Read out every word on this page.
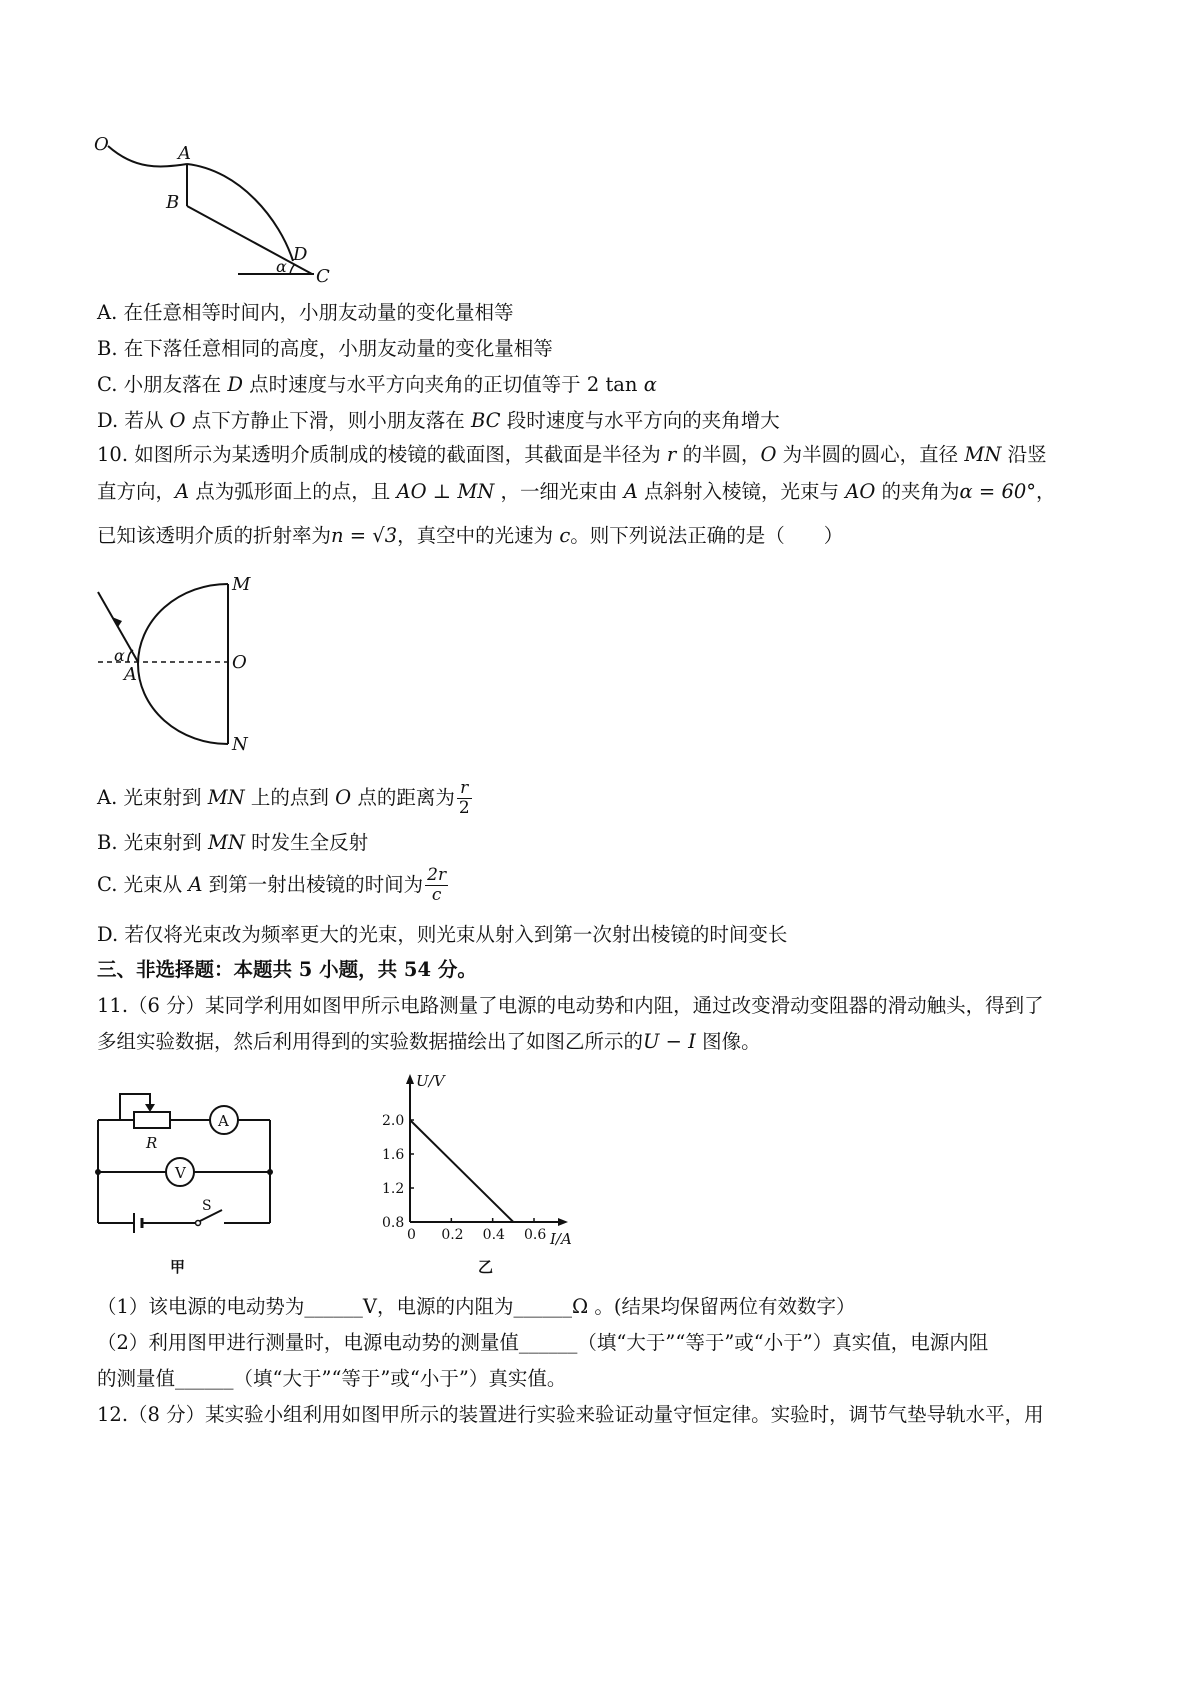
O	A
B
D
α C
A. 在任意相等时间内，小朋友动量的变化量相等
B. 在下落任意相同的高度，小朋友动量的变化量相等
C. 小朋友落在 D 点时速度与水平方向夹角的正切值等于 2 tan α
D. 若从 O 点下方静止下滑，则小朋友落在 BC 段时速度与水平方向的夹角增大
10. 如图所示为某透明介质制成的棱镜的截面图，其截面是半径为 r 的半圆，O 为半圆的圆心，直径 MN 沿竖
直方向，A 点为弧形面上的点，且 AO ⊥ MN ，一细光束由 A 点斜射入棱镜，光束与 AO 的夹角为α = 60°，
已知该透明介质的折射率为n = √3，真空中的光速为 c。则下列说法正确的是（　　）
M
O
N
α
A
A. 光束射到 MN 上的点到 O 点的距离为 $\frac{r}{2}$
B. 光束射到 MN 时发生全反射
C. 光束从 A 到第一射出棱镜的时间为 $\frac{2r}{c}$
D. 若仅将光束改为频率更大的光束，则光束从射入到第一次射出棱镜的时间变长
三、非选择题：本题共 5 小题，共 54 分。
11.（6 分）某同学利用如图甲所示电路测量了电源的电动势和内阻，通过改变滑动变阻器的滑动触头，得到了
多组实验数据，然后利用得到的实验数据描绘出了如图乙所示的U − I 图像。
R
A
V
S
甲
U/V
I/A
0 0.2 0.4 0.6
0.8
1.2
1.6
2.0
乙
（1）该电源的电动势为______V，电源的内阻为______Ω 。(结果均保留两位有效数字）
（2）利用图甲进行测量时，电源电动势的测量值______（填“大于”“等于”或“小于”）真实值，电源内阻
的测量值______（填“大于”“等于”或“小于”）真实值。
12.（8 分）某实验小组利用如图甲所示的装置进行实验来验证动量守恒定律。实验时，调节气垫导轨水平，用
